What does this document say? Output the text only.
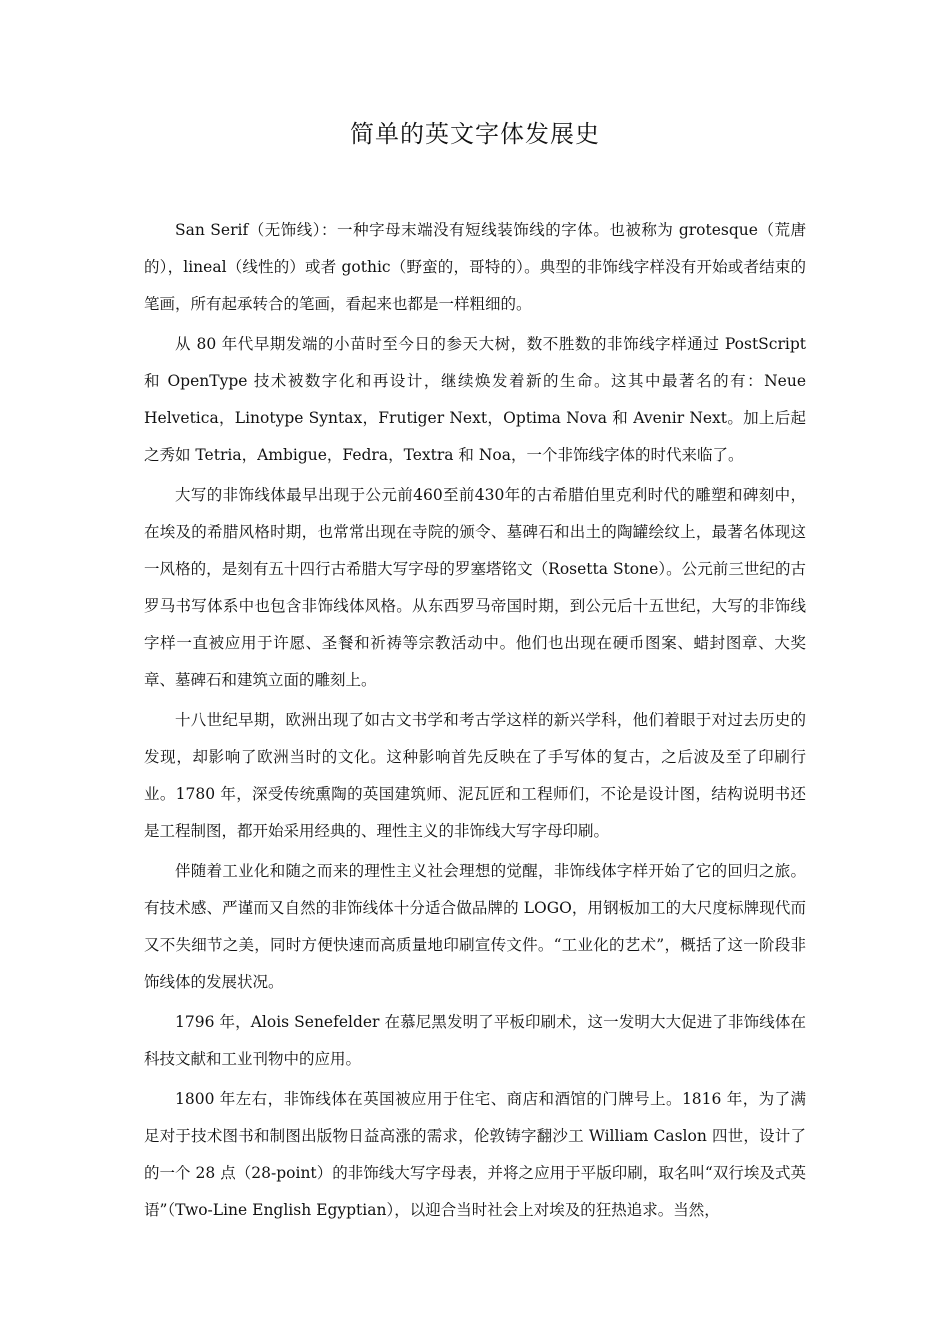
简单的英文字体发展史

San Serif（无饰线）：一种字母末端没有短线装饰线的字体。也被称为 grotesque（荒唐的），lineal（线性的）或者 gothic（野蛮的，哥特的）。典型的非饰线字样没有开始或者结束的笔画，所有起承转合的笔画，看起来也都是一样粗细的。

从 80 年代早期发端的小苗时至今日的参天大树，数不胜数的非饰线字样通过 PostScript 和 OpenType 技术被数字化和再设计，继续焕发着新的生命。这其中最著名的有：Neue Helvetica，Linotype Syntax，Frutiger Next，Optima Nova 和 Avenir Next。加上后起之秀如 Tetria，Ambigue，Fedra，Textra 和 Noa，一个非饰线字体的时代来临了。

大写的非饰线体最早出现于公元前460至前430年的古希腊伯里克利时代的雕塑和碑刻中，在埃及的希腊风格时期，也常常出现在寺院的颁令、墓碑石和出土的陶罐绘纹上，最著名体现这一风格的，是刻有五十四行古希腊大写字母的罗塞塔铭文（Rosetta Stone）。公元前三世纪的古罗马书写体系中也包含非饰线体风格。从东西罗马帝国时期，到公元后十五世纪，大写的非饰线字样一直被应用于许愿、圣餐和祈祷等宗教活动中。他们也出现在硬币图案、蜡封图章、大奖章、墓碑石和建筑立面的雕刻上。

十八世纪早期，欧洲出现了如古文书学和考古学这样的新兴学科，他们着眼于对过去历史的发现，却影响了欧洲当时的文化。这种影响首先反映在了手写体的复古，之后波及至了印刷行业。1780 年，深受传统熏陶的英国建筑师、泥瓦匠和工程师们，不论是设计图，结构说明书还是工程制图，都开始采用经典的、理性主义的非饰线大写字母印刷。

伴随着工业化和随之而来的理性主义社会理想的觉醒，非饰线体字样开始了它的回归之旅。有技术感、严谨而又自然的非饰线体十分适合做品牌的 LOGO，用钢板加工的大尺度标牌现代而又不失细节之美，同时方便快速而高质量地印刷宣传文件。“工业化的艺术”，概括了这一阶段非饰线体的发展状况。

1796 年，Alois Senefelder 在慕尼黑发明了平板印刷术，这一发明大大促进了非饰线体在科技文献和工业刊物中的应用。

1800 年左右，非饰线体在英国被应用于住宅、商店和酒馆的门牌号上。1816 年，为了满足对于技术图书和制图出版物日益高涨的需求，伦敦铸字翻沙工 William Caslon 四世，设计了的一个 28 点（28-point）的非饰线大写字母表，并将之应用于平版印刷，取名叫“双行埃及式英语”（Two-Line English Egyptian），以迎合当时社会上对埃及的狂热追求。当然，
